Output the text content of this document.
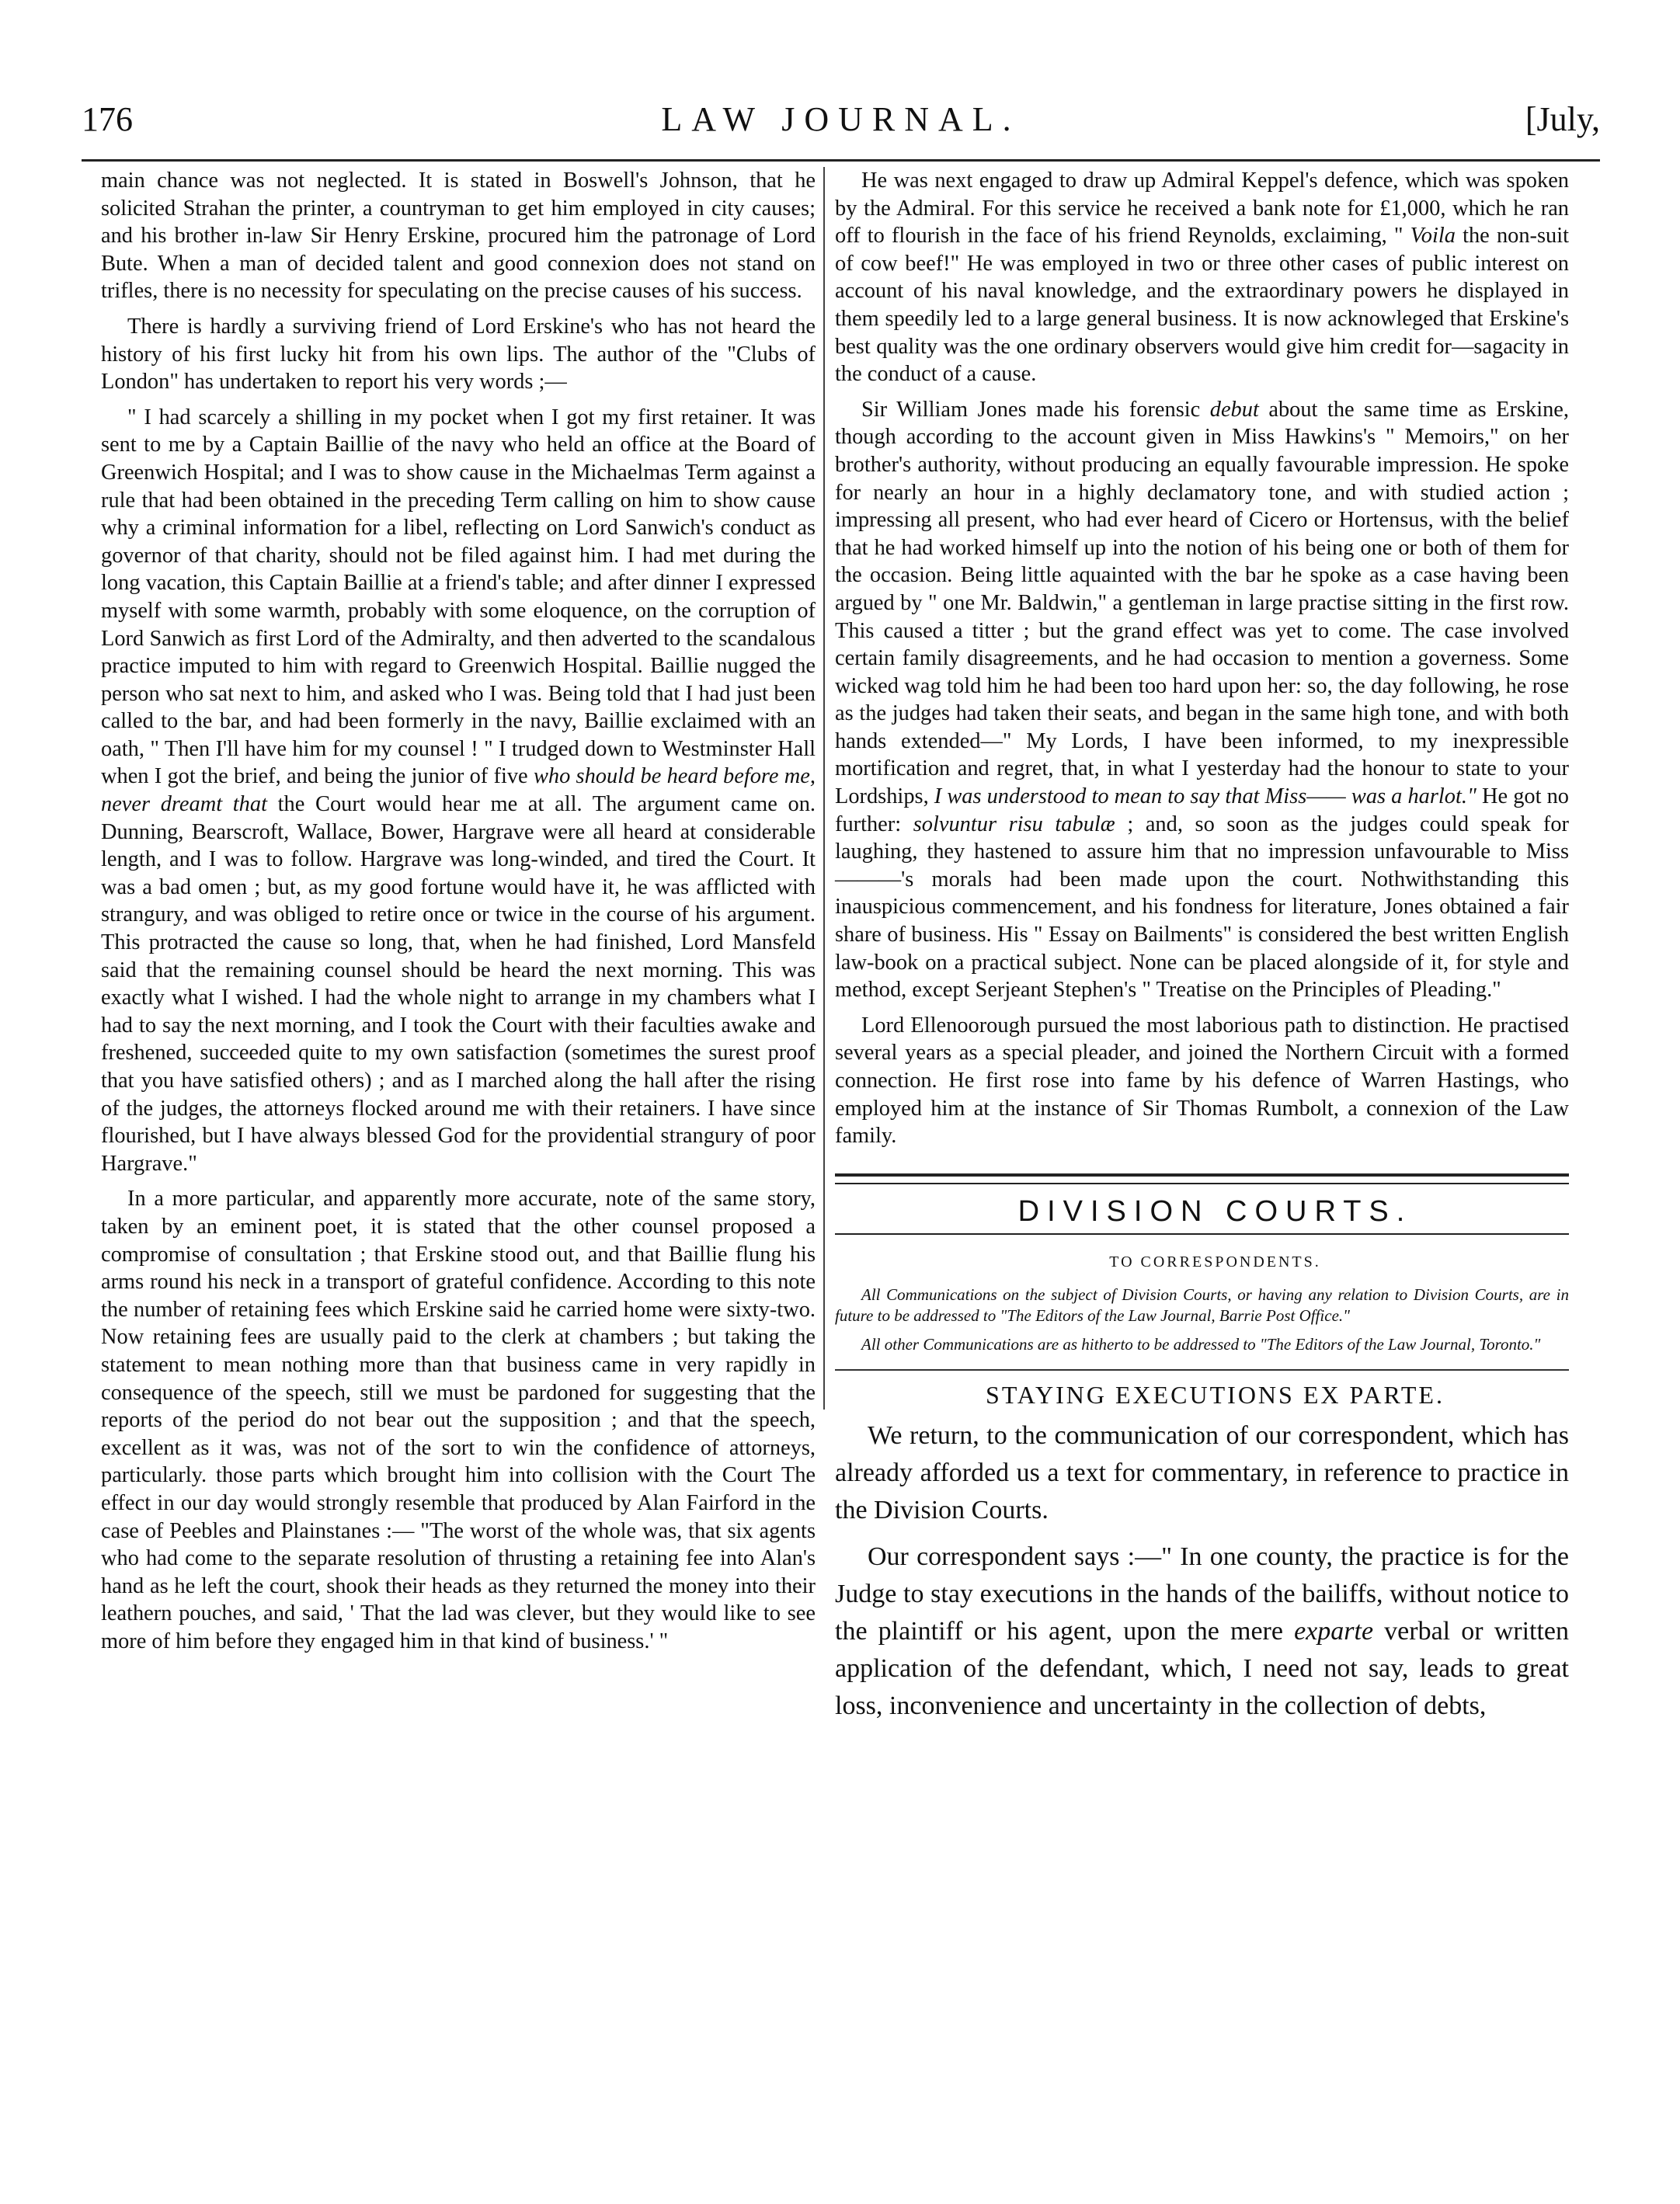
176	LAW JOURNAL.	[July,

main chance was not neglected. It is stated in Boswell's Johnson, that he solicited Strahan the printer, a countryman to get him employed in city causes; and his brother in-law Sir Henry Erskine, procured him the patronage of Lord Bute. When a man of decided talent and good connexion does not stand on trifles, there is no necessity for speculating on the precise causes of his success.

There is hardly a surviving friend of Lord Erskine's who has not heard the history of his first lucky hit from his own lips. The author of the "Clubs of London" has undertaken to report his very words ;—

" I had scarcely a shilling in my pocket when I got my first retainer. It was sent to me by a Captain Baillie of the navy who held an office at the Board of Greenwich Hospital; and I was to show cause in the Michaelmas Term against a rule that had been obtained in the preceding Term calling on him to show cause why a criminal information for a libel, reflecting on Lord Sanwich's conduct as governor of that charity, should not be filed against him. I had met during the long vacation, this Captain Baillie at a friend's table; and after dinner I expressed myself with some warmth, probably with some eloquence, on the corruption of Lord Sanwich as first Lord of the Admiralty, and then adverted to the scandalous practice imputed to him with regard to Greenwich Hospital. Baillie nugged the person who sat next to him, and asked who I was. Being told that I had just been called to the bar, and had been formerly in the navy, Baillie exclaimed with an oath, " Then I'll have him for my counsel ! " I trudged down to Westminster Hall when I got the brief, and being the junior of five who should be heard before me, never dreamt that the Court would hear me at all. The argument came on. Dunning, Bearscroft, Wallace, Bower, Hargrave were all heard at considerable length, and I was to follow. Hargrave was long-winded, and tired the Court. It was a bad omen ; but, as my good fortune would have it, he was afflicted with strangury, and was obliged to retire once or twice in the course of his argument. This protracted the cause so long, that, when he had finished, Lord Mansfeld said that the remaining counsel should be heard the next morning. This was exactly what I wished. I had the whole night to arrange in my chambers what I had to say the next morning, and I took the Court with their faculties awake and freshened, succeeded quite to my own satisfaction (sometimes the surest proof that you have satisfied others) ; and as I marched along the hall after the rising of the judges, the attorneys flocked around me with their retainers. I have since flourished, but I have always blessed God for the providential strangury of poor Hargrave."

In a more particular, and apparently more accurate, note of the same story, taken by an eminent poet, it is stated that the other counsel proposed a compromise of consultation ; that Erskine stood out, and that Baillie flung his arms round his neck in a transport of grateful confidence. According to this note the number of retaining fees which Erskine said he carried home were sixty-two. Now retaining fees are usually paid to the clerk at chambers ; but taking the statement to mean nothing more than that business came in very rapidly in consequence of the speech, still we must be pardoned for suggesting that the reports of the period do not bear out the supposition ; and that the speech, excellent as it was, was not of the sort to win the confidence of attorneys, particularly. those parts which brought him into collision with the Court The effect in our day would strongly resemble that produced by Alan Fairford in the case of Peebles and Plainstanes :— "The worst of the whole was, that six agents who had come to the separate resolution of thrusting a retaining fee into Alan's hand as he left the court, shook their heads as they returned the money into their leathern pouches, and said, ' That the lad was clever, but they would like to see more of him before they engaged him in that kind of business.' "

He was next engaged to draw up Admiral Keppel's defence, which was spoken by the Admiral. For this service he received a bank note for £1,000, which he ran off to flourish in the face of his friend Reynolds, exclaiming, " Voila the non-suit of cow beef!" He was employed in two or three other cases of public interest on account of his naval knowledge, and the extraordinary powers he displayed in them speedily led to a large general business. It is now acknowleged that Erskine's best quality was the one ordinary observers would give him credit for—sagacity in the conduct of a cause.

Sir William Jones made his forensic debut about the same time as Erskine, though according to the account given in Miss Hawkins's " Memoirs," on her brother's authority, without producing an equally favourable impression. He spoke for nearly an hour in a highly declamatory tone, and with studied action ; impressing all present, who had ever heard of Cicero or Hortensus, with the belief that he had worked himself up into the notion of his being one or both of them for the occasion. Being little aquainted with the bar he spoke as a case having been argued by " one Mr. Baldwin," a gentleman in large practise sitting in the first row. This caused a titter ; but the grand effect was yet to come. The case involved certain family disagreements, and he had occasion to mention a governess. Some wicked wag told him he had been too hard upon her: so, the day following, he rose as the judges had taken their seats, and began in the same high tone, and with both hands extended—" My Lords, I have been informed, to my inexpressible mortification and regret, that, in what I yesterday had the honour to state to your Lordships, I was understood to mean to say that Miss—— was a harlot." He got no further: solvuntur risu tabulæ ; and, so soon as the judges could speak for laughing, they hastened to assure him that no impression unfavourable to Miss ———'s morals had been made upon the court. Nothwithstanding this inauspicious commencement, and his fondness for literature, Jones obtained a fair share of business. His " Essay on Bailments" is considered the best written English law-book on a practical subject. None can be placed alongside of it, for style and method, except Serjeant Stephen's " Treatise on the Principles of Pleading."

Lord Ellenoorough pursued the most laborious path to distinction. He practised several years as a special pleader, and joined the Northern Circuit with a formed connection. He first rose into fame by his defence of Warren Hastings, who employed him at the instance of Sir Thomas Rumbolt, a connexion of the Law family.

DIVISION COURTS.

TO CORRESPONDENTS.

All Communications on the subject of Division Courts, or having any relation to Division Courts, are in future to be addressed to "The Editors of the Law Journal, Barrie Post Office."

All other Communications are as hitherto to be addressed to "The Editors of the Law Journal, Toronto."

STAYING EXECUTIONS EX PARTE.

We return, to the communication of our correspondent, which has already afforded us a text for commentary, in reference to practice in the Division Courts.

Our correspondent says :—" In one county, the practice is for the Judge to stay executions in the hands of the bailiffs, without notice to the plaintiff or his agent, upon the mere exparte verbal or written application of the defendant, which, I need not say, leads to great loss, inconvenience and uncertainty in the collection of debts,
